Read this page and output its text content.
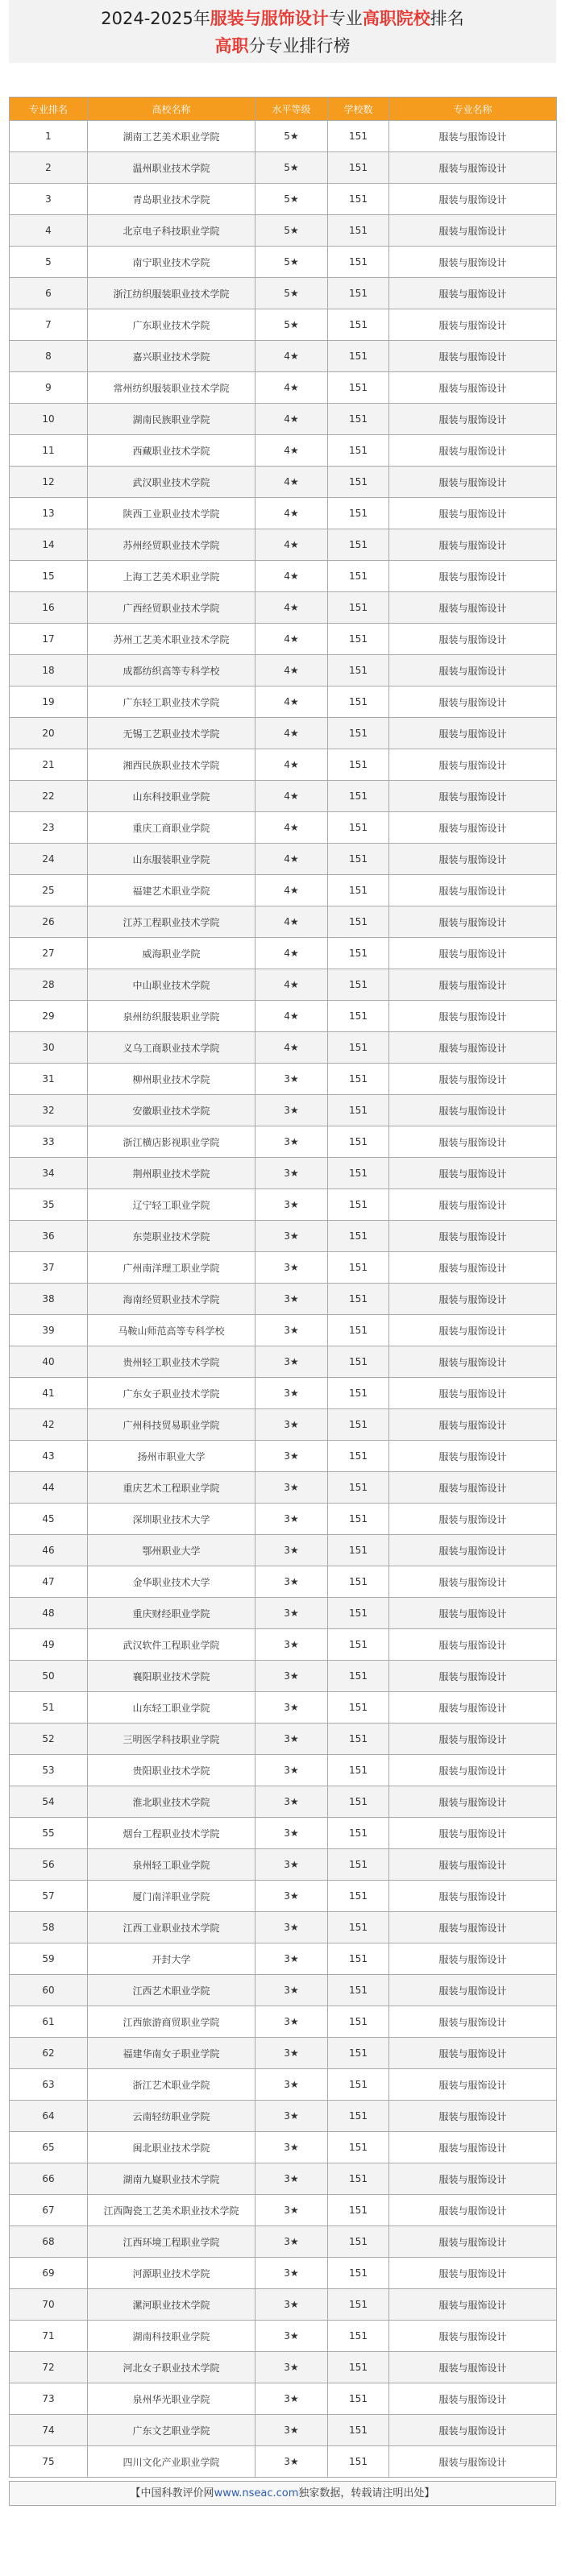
2024-2025年服装与服饰设计专业高职院校排名
高职分专业排行榜
专业排名	高校名称	水平等级	学校数	专业名称
1	湖南工艺美术职业学院	5★	151	服装与服饰设计
2	温州职业技术学院	5★	151	服装与服饰设计
3	青岛职业技术学院	5★	151	服装与服饰设计
4	北京电子科技职业学院	5★	151	服装与服饰设计
5	南宁职业技术学院	5★	151	服装与服饰设计
6	浙江纺织服装职业技术学院	5★	151	服装与服饰设计
7	广东职业技术学院	5★	151	服装与服饰设计
8	嘉兴职业技术学院	4★	151	服装与服饰设计
9	常州纺织服装职业技术学院	4★	151	服装与服饰设计
10	湖南民族职业学院	4★	151	服装与服饰设计
11	西藏职业技术学院	4★	151	服装与服饰设计
12	武汉职业技术学院	4★	151	服装与服饰设计
13	陕西工业职业技术学院	4★	151	服装与服饰设计
14	苏州经贸职业技术学院	4★	151	服装与服饰设计
15	上海工艺美术职业学院	4★	151	服装与服饰设计
16	广西经贸职业技术学院	4★	151	服装与服饰设计
17	苏州工艺美术职业技术学院	4★	151	服装与服饰设计
18	成都纺织高等专科学校	4★	151	服装与服饰设计
19	广东轻工职业技术学院	4★	151	服装与服饰设计
20	无锡工艺职业技术学院	4★	151	服装与服饰设计
21	湘西民族职业技术学院	4★	151	服装与服饰设计
22	山东科技职业学院	4★	151	服装与服饰设计
23	重庆工商职业学院	4★	151	服装与服饰设计
24	山东服装职业学院	4★	151	服装与服饰设计
25	福建艺术职业学院	4★	151	服装与服饰设计
26	江苏工程职业技术学院	4★	151	服装与服饰设计
27	威海职业学院	4★	151	服装与服饰设计
28	中山职业技术学院	4★	151	服装与服饰设计
29	泉州纺织服装职业学院	4★	151	服装与服饰设计
30	义乌工商职业技术学院	4★	151	服装与服饰设计
31	柳州职业技术学院	3★	151	服装与服饰设计
32	安徽职业技术学院	3★	151	服装与服饰设计
33	浙江横店影视职业学院	3★	151	服装与服饰设计
34	荆州职业技术学院	3★	151	服装与服饰设计
35	辽宁轻工职业学院	3★	151	服装与服饰设计
36	东莞职业技术学院	3★	151	服装与服饰设计
37	广州南洋理工职业学院	3★	151	服装与服饰设计
38	海南经贸职业技术学院	3★	151	服装与服饰设计
39	马鞍山师范高等专科学校	3★	151	服装与服饰设计
40	贵州轻工职业技术学院	3★	151	服装与服饰设计
41	广东女子职业技术学院	3★	151	服装与服饰设计
42	广州科技贸易职业学院	3★	151	服装与服饰设计
43	扬州市职业大学	3★	151	服装与服饰设计
44	重庆艺术工程职业学院	3★	151	服装与服饰设计
45	深圳职业技术大学	3★	151	服装与服饰设计
46	鄂州职业大学	3★	151	服装与服饰设计
47	金华职业技术大学	3★	151	服装与服饰设计
48	重庆财经职业学院	3★	151	服装与服饰设计
49	武汉软件工程职业学院	3★	151	服装与服饰设计
50	襄阳职业技术学院	3★	151	服装与服饰设计
51	山东轻工职业学院	3★	151	服装与服饰设计
52	三明医学科技职业学院	3★	151	服装与服饰设计
53	贵阳职业技术学院	3★	151	服装与服饰设计
54	淮北职业技术学院	3★	151	服装与服饰设计
55	烟台工程职业技术学院	3★	151	服装与服饰设计
56	泉州轻工职业学院	3★	151	服装与服饰设计
57	厦门南洋职业学院	3★	151	服装与服饰设计
58	江西工业职业技术学院	3★	151	服装与服饰设计
59	开封大学	3★	151	服装与服饰设计
60	江西艺术职业学院	3★	151	服装与服饰设计
61	江西旅游商贸职业学院	3★	151	服装与服饰设计
62	福建华南女子职业学院	3★	151	服装与服饰设计
63	浙江艺术职业学院	3★	151	服装与服饰设计
64	云南轻纺职业学院	3★	151	服装与服饰设计
65	闽北职业技术学院	3★	151	服装与服饰设计
66	湖南九嶷职业技术学院	3★	151	服装与服饰设计
67	江西陶瓷工艺美术职业技术学院	3★	151	服装与服饰设计
68	江西环境工程职业学院	3★	151	服装与服饰设计
69	河源职业技术学院	3★	151	服装与服饰设计
70	漯河职业技术学院	3★	151	服装与服饰设计
71	湖南科技职业学院	3★	151	服装与服饰设计
72	河北女子职业技术学院	3★	151	服装与服饰设计
73	泉州华光职业学院	3★	151	服装与服饰设计
74	广东文艺职业学院	3★	151	服装与服饰设计
75	四川文化产业职业学院	3★	151	服装与服饰设计
【中国科教评价网www.nseac.com独家数据，转载请注明出处】
